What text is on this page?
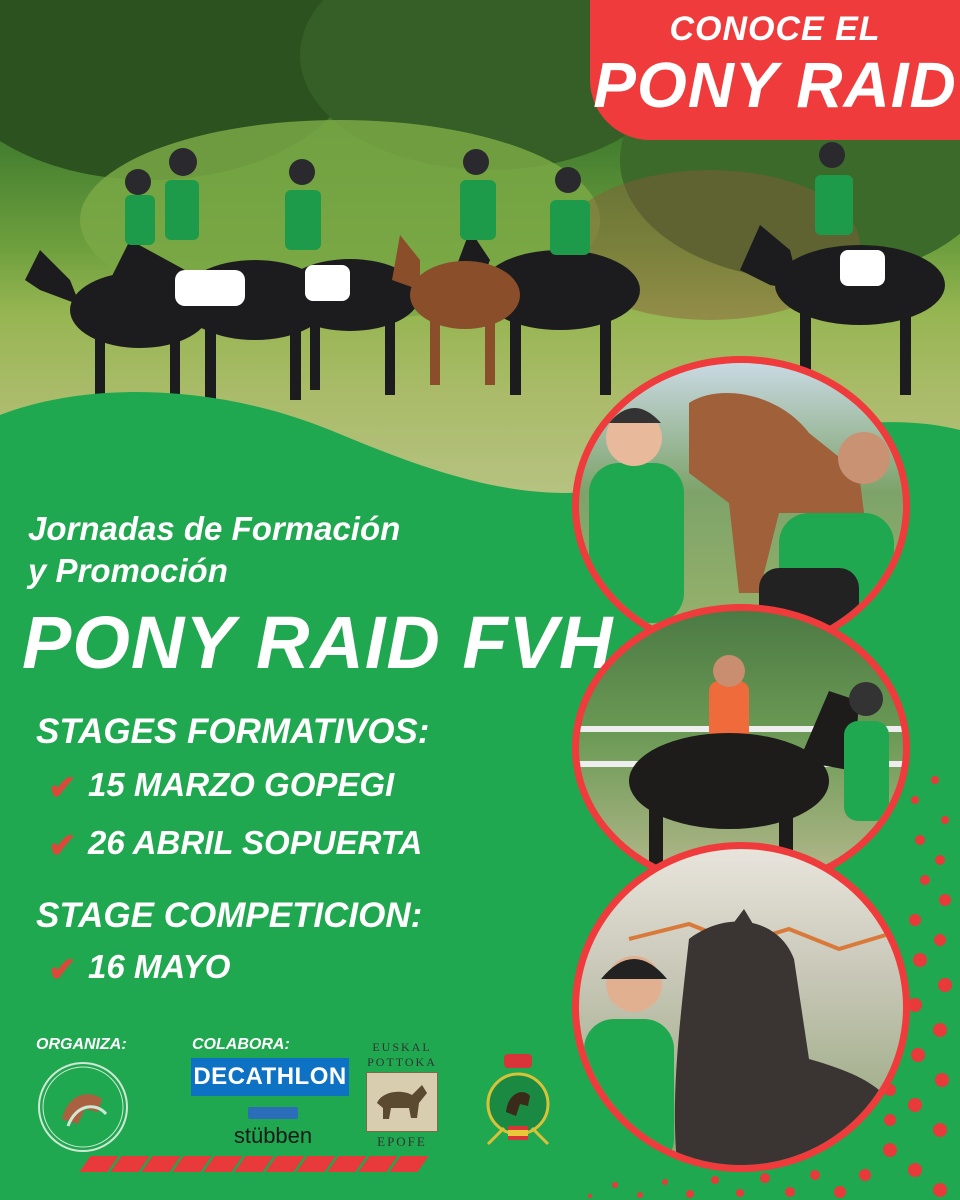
CONOCE EL
PONY RAID
Jornadas de Formación
y Promoción
PONY RAID FVH
STAGES FORMATIVOS:
✔ 15 MARZO GOPEGI
✔ 26 ABRIL SOPUERTA
STAGE COMPETICION:
✔ 16 MAYO
ORGANIZA:	COLABORA:
DECATHLON
stübben
EUSKAL
POTTOKA
EPOFE
